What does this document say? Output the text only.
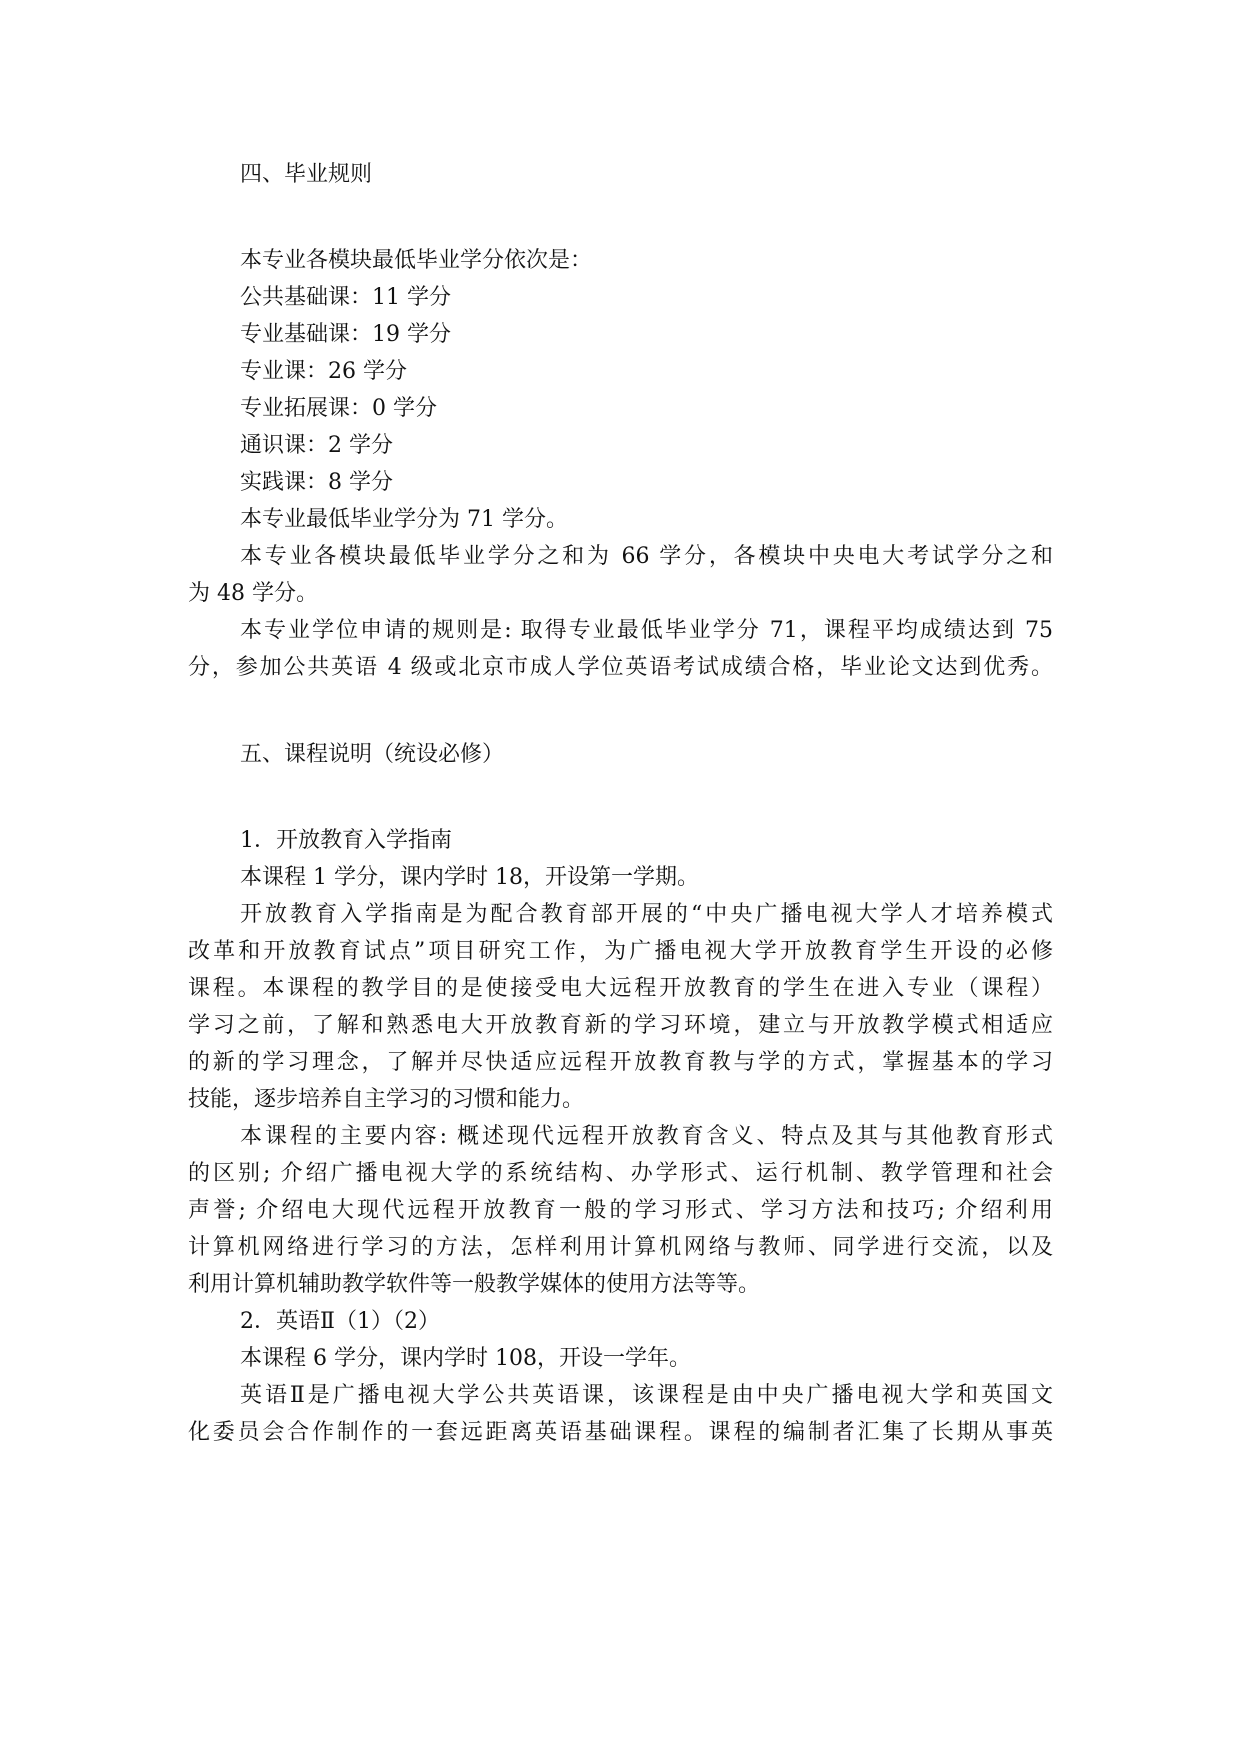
四、毕业规则
本专业各模块最低毕业学分依次是：
公共基础课：11 学分
专业基础课：19 学分
专业课：26 学分
专业拓展课：0 学分
通识课：2 学分
实践课：8 学分
本专业最低毕业学分为 71 学分。
本专业各模块最低毕业学分之和为 66 学分，各模块中央电大考试学分之和
为 48 学分。
本专业学位申请的规则是: 取得专业最低毕业学分 71，课程平均成绩达到 75
分，参加公共英语 4 级或北京市成人学位英语考试成绩合格，毕业论文达到优秀。
五、课程说明（统设必修）
1．开放教育入学指南
本课程 1 学分，课内学时 18，开设第一学期。
开放教育入学指南是为配合教育部开展的“中央广播电视大学人才培养模式
改革和开放教育试点”项目研究工作，为广播电视大学开放教育学生开设的必修
课程。本课程的教学目的是使接受电大远程开放教育的学生在进入专业（课程）
学习之前，了解和熟悉电大开放教育新的学习环境，建立与开放教学模式相适应
的新的学习理念，了解并尽快适应远程开放教育教与学的方式，掌握基本的学习
技能，逐步培养自主学习的习惯和能力。
本课程的主要内容: 概述现代远程开放教育含义、特点及其与其他教育形式
的区别; 介绍广播电视大学的系统结构、办学形式、运行机制、教学管理和社会
声誉; 介绍电大现代远程开放教育一般的学习形式、学习方法和技巧; 介绍利用
计算机网络进行学习的方法，怎样利用计算机网络与教师、同学进行交流，以及
利用计算机辅助教学软件等一般教学媒体的使用方法等等。
2．英语Ⅱ（1）（2）
本课程 6 学分，课内学时 108，开设一学年。
英语Ⅱ是广播电视大学公共英语课，该课程是由中央广播电视大学和英国文
化委员会合作制作的一套远距离英语基础课程。课程的编制者汇集了长期从事英
